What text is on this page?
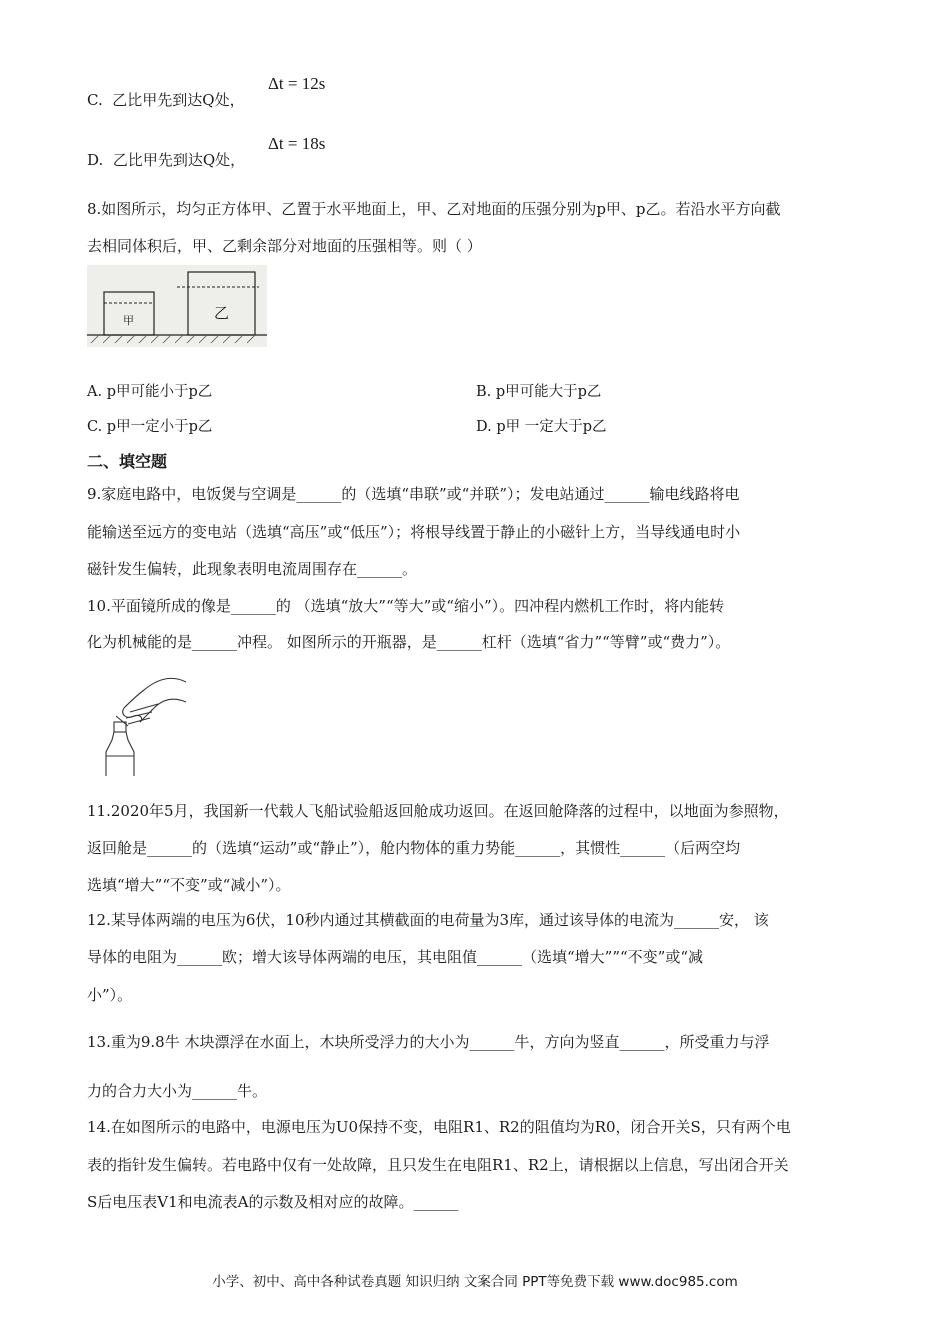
C. 乙比甲先到达Q处，
Δt = 12s
D. 乙比甲先到达Q处，
Δt = 18s
8.如图所示，均匀正方体甲、乙置于水平地面上，甲、乙对地面的压强分别为p甲、p乙。若沿水平方向截
去相同体积后，甲、乙剩余部分对地面的压强相等。则（ ）
甲	乙
A. p甲可能小于p乙	B. p甲可能大于p乙
C. p甲一定小于p乙	D. p甲 一定大于p乙
二、填空题
9.家庭电路中，电饭煲与空调是______的（选填“串联”或“并联”）；发电站通过______输电线路将电
能输送至远方的变电站（选填“高压”或“低压”）；将根导线置于静止的小磁针上方，当导线通电时小
磁针发生偏转，此现象表明电流周围存在______。
10.平面镜所成的像是______的 （选填“放大”“等大”或“缩小”）。四冲程内燃机工作时，将内能转
化为机械能的是______冲程。 如图所示的开瓶器，是______杠杆（选填“省力”“等臂”或“费力”）。
11.2020年5月，我国新一代载人飞船试验船返回舱成功返回。在返回舱降落的过程中，以地面为参照物，
返回舱是______的（选填“运动”或“静止”），舱内物体的重力势能______，其惯性______（后两空均
选填“增大”“不变”或“减小”）。
12.某导体两端的电压为6伏，10秒内通过其横截面的电荷量为3库，通过该导体的电流为______安， 该
导体的电阻为______欧；增大该导体两端的电压，其电阻值______（选填“增大””“不变”或“减
小”）。
13.重为9.8牛 木块漂浮在水面上，木块所受浮力的大小为______牛，方向为竖直______，所受重力与浮
力的合力大小为______牛。
14.在如图所示的电路中，电源电压为U0保持不变，电阻R1、R2的阻值均为R0，闭合开关S，只有两个电
表的指针发生偏转。若电路中仅有一处故障，且只发生在电阻R1、R2上，请根据以上信息，写出闭合开关
S后电压表V1和电流表A的示数及相对应的故障。______
小学、初中、高中各种试卷真题 知识归纳 文案合同 PPT等免费下载 www.doc985.com
